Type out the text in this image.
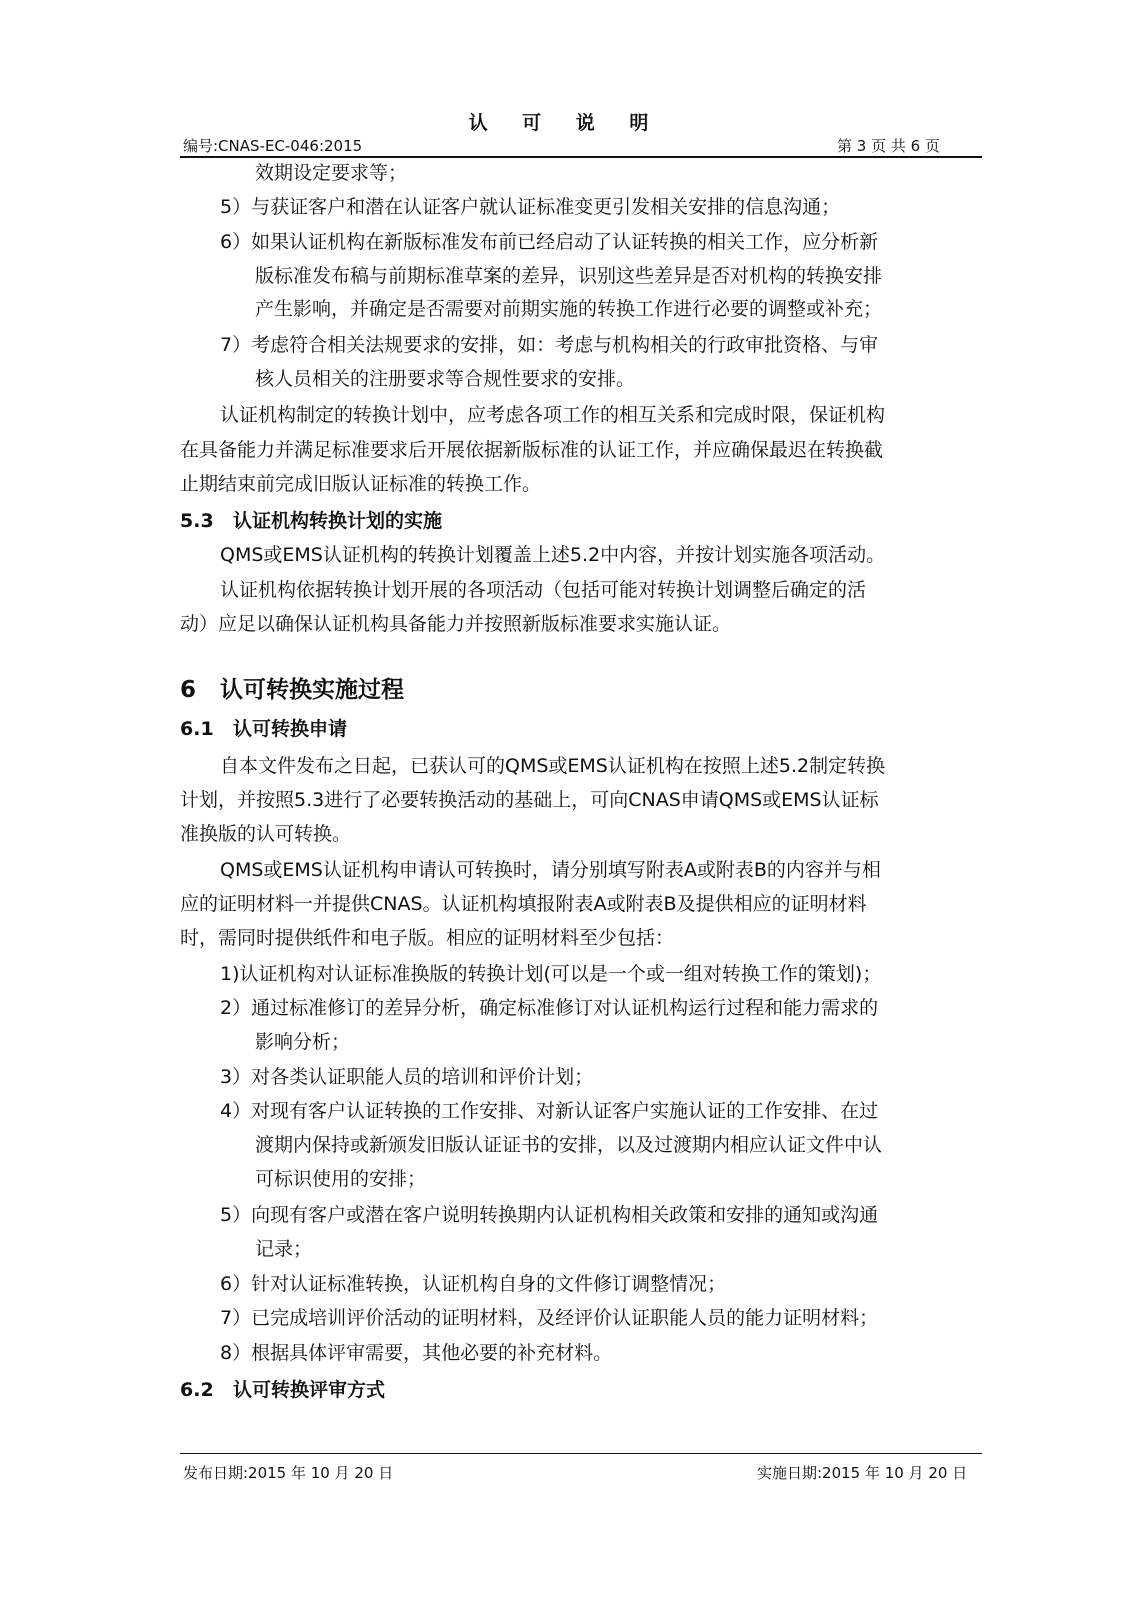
认 可 说 明
编号:CNAS-EC-046:2015	第 3 页 共 6 页
效期设定要求等；
5）与获证客户和潜在认证客户就认证标准变更引发相关安排的信息沟通；
6）如果认证机构在新版标准发布前已经启动了认证转换的相关工作，应分析新
版标准发布稿与前期标准草案的差异，识别这些差异是否对机构的转换安排
产生影响，并确定是否需要对前期实施的转换工作进行必要的调整或补充；
7）考虑符合相关法规要求的安排，如：考虑与机构相关的行政审批资格、与审
核人员相关的注册要求等合规性要求的安排。
认证机构制定的转换计划中，应考虑各项工作的相互关系和完成时限，保证机构
在具备能力并满足标准要求后开展依据新版标准的认证工作，并应确保最迟在转换截
止期结束前完成旧版认证标准的转换工作。
5.3 认证机构转换计划的实施
QMS或EMS认证机构的转换计划覆盖上述5.2中内容，并按计划实施各项活动。
认证机构依据转换计划开展的各项活动（包括可能对转换计划调整后确定的活
动）应足以确保认证机构具备能力并按照新版标准要求实施认证。
6 认可转换实施过程
6.1 认可转换申请
自本文件发布之日起，已获认可的QMS或EMS认证机构在按照上述5.2制定转换
计划，并按照5.3进行了必要转换活动的基础上，可向CNAS申请QMS或EMS认证标
准换版的认可转换。
QMS或EMS认证机构申请认可转换时，请分别填写附表A或附表B的内容并与相
应的证明材料一并提供CNAS。认证机构填报附表A或附表B及提供相应的证明材料
时，需同时提供纸件和电子版。相应的证明材料至少包括：
1)认证机构对认证标准换版的转换计划(可以是一个或一组对转换工作的策划)；
2）通过标准修订的差异分析，确定标准修订对认证机构运行过程和能力需求的
影响分析；
3）对各类认证职能人员的培训和评价计划；
4）对现有客户认证转换的工作安排、对新认证客户实施认证的工作安排、在过
渡期内保持或新颁发旧版认证证书的安排，以及过渡期内相应认证文件中认
可标识使用的安排；
5）向现有客户或潜在客户说明转换期内认证机构相关政策和安排的通知或沟通
记录；
6）针对认证标准转换，认证机构自身的文件修订调整情况；
7）已完成培训评价活动的证明材料，及经评价认证职能人员的能力证明材料；
8）根据具体评审需要，其他必要的补充材料。
6.2 认可转换评审方式
发布日期:2015 年 10 月 20 日	实施日期:2015 年 10 月 20 日
